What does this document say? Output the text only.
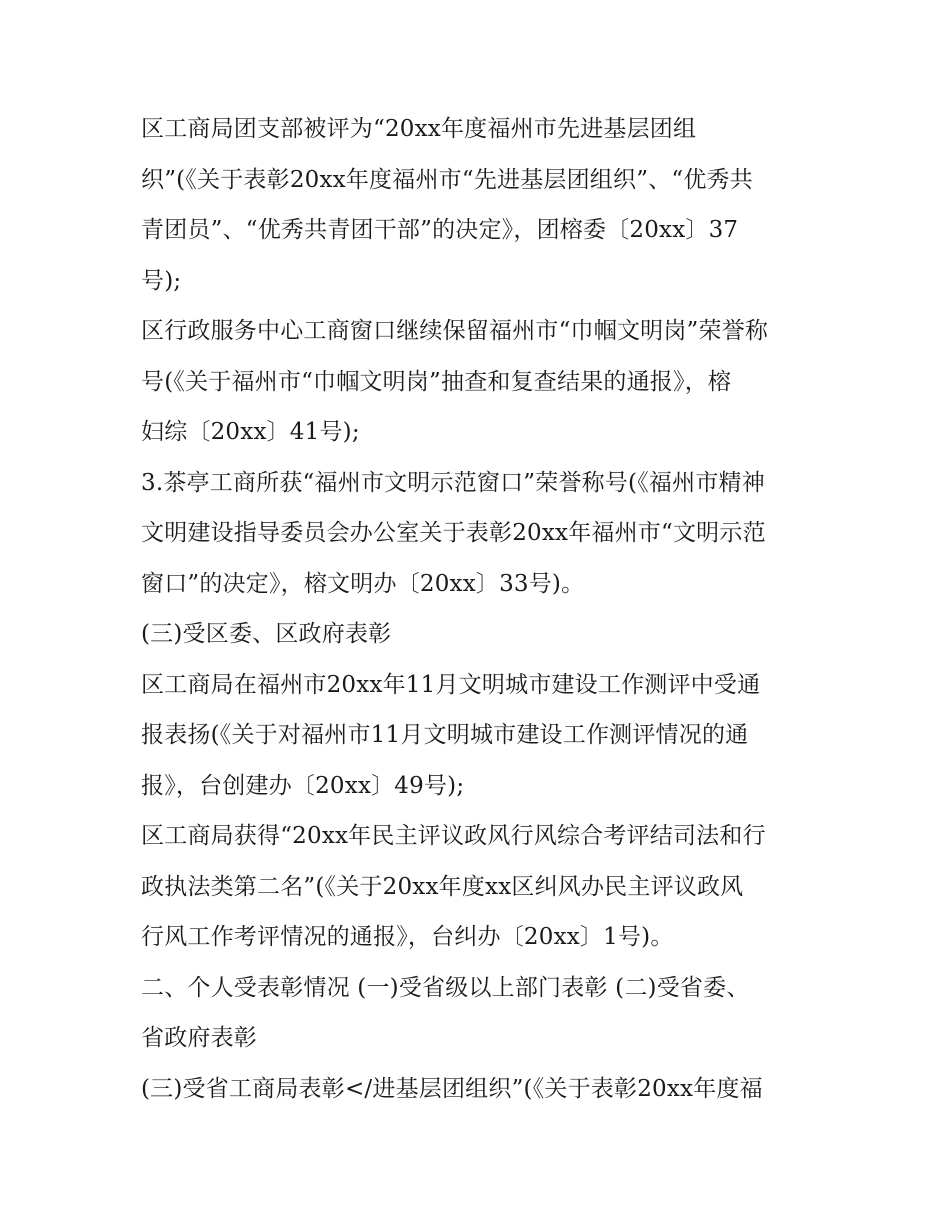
区工商局团支部被评为“20xx年度福州市先进基层团组

织”(《关于表彰20xx年度福州市“先进基层团组织”、“优秀共

青团员”、“优秀共青团干部”的决定》，团榕委〔20xx〕37

号);

区行政服务中心工商窗口继续保留福州市“巾帼文明岗”荣誉称

号(《关于福州市“巾帼文明岗”抽查和复查结果的通报》，榕

妇综〔20xx〕41号);

3.茶亭工商所获“福州市文明示范窗口”荣誉称号(《福州市精神

文明建设指导委员会办公室关于表彰20xx年福州市“文明示范

窗口”的决定》，榕文明办〔20xx〕33号)。

(三)受区委、区政府表彰

区工商局在福州市20xx年11月文明城市建设工作测评中受通

报表扬(《关于对福州市11月文明城市建设工作测评情况的通

报》，台创建办〔20xx〕49号);

区工商局获得“20xx年民主评议政风行风综合考评结司法和行

政执法类第二名”(《关于20xx年度xx区纠风办民主评议政风

行风工作考评情况的通报》，台纠办〔20xx〕1号)。

二、个人受表彰情况 (一)受省级以上部门表彰 (二)受省委、

省政府表彰

(三)受省工商局表彰</进基层团组织”(《关于表彰20xx年度福
